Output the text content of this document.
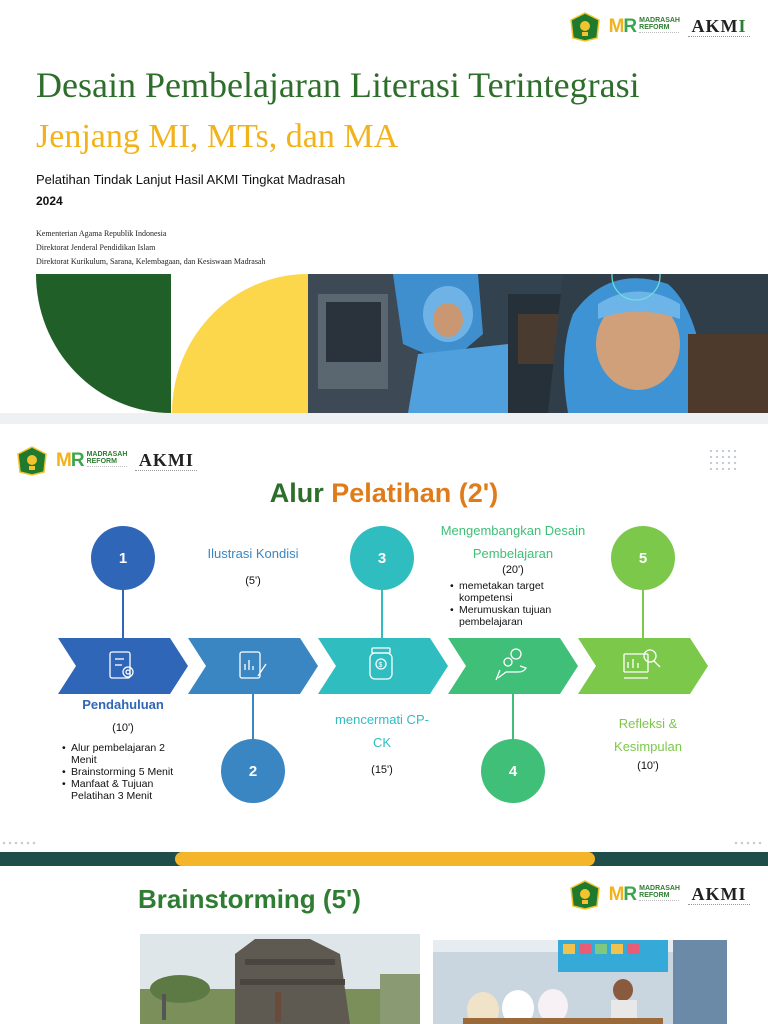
MR MADRASAH
REFORM	AKMI
Desain Pembelajaran Literasi Terintegrasi
Jenjang MI, MTs, dan MA
Pelatihan Tindak Lanjut Hasil AKMI Tingkat Madrasah
2024
Kementerian Agama Republik Indonesia
Direktorat Jenderal Pendidikan Islam
Direktorat Kurikulum, Sarana, Kelembagaan, dan Kesiswaan Madrasah
MR MADRASAH
REFORM	AKMI
Alur Pelatihan (2')
$
1
2
3
4
5
Pendahuluan
(10')
• Alur pembelajaran 2 Menit
• Brainstorming 5 Menit
• Manfaat & Tujuan Pelatihan 3 Menit
Ilustrasi Kondisi
(5')
mencermati CP-CK
(15')
Mengembangkan Desain Pembelajaran
(20')
• memetakan target kompetensi
• Merumuskan tujuan pembelajaran
Refleksi & Kesimpulan
(10')
Brainstorming (5')	MR MADRASAH
REFORM	AKMI
